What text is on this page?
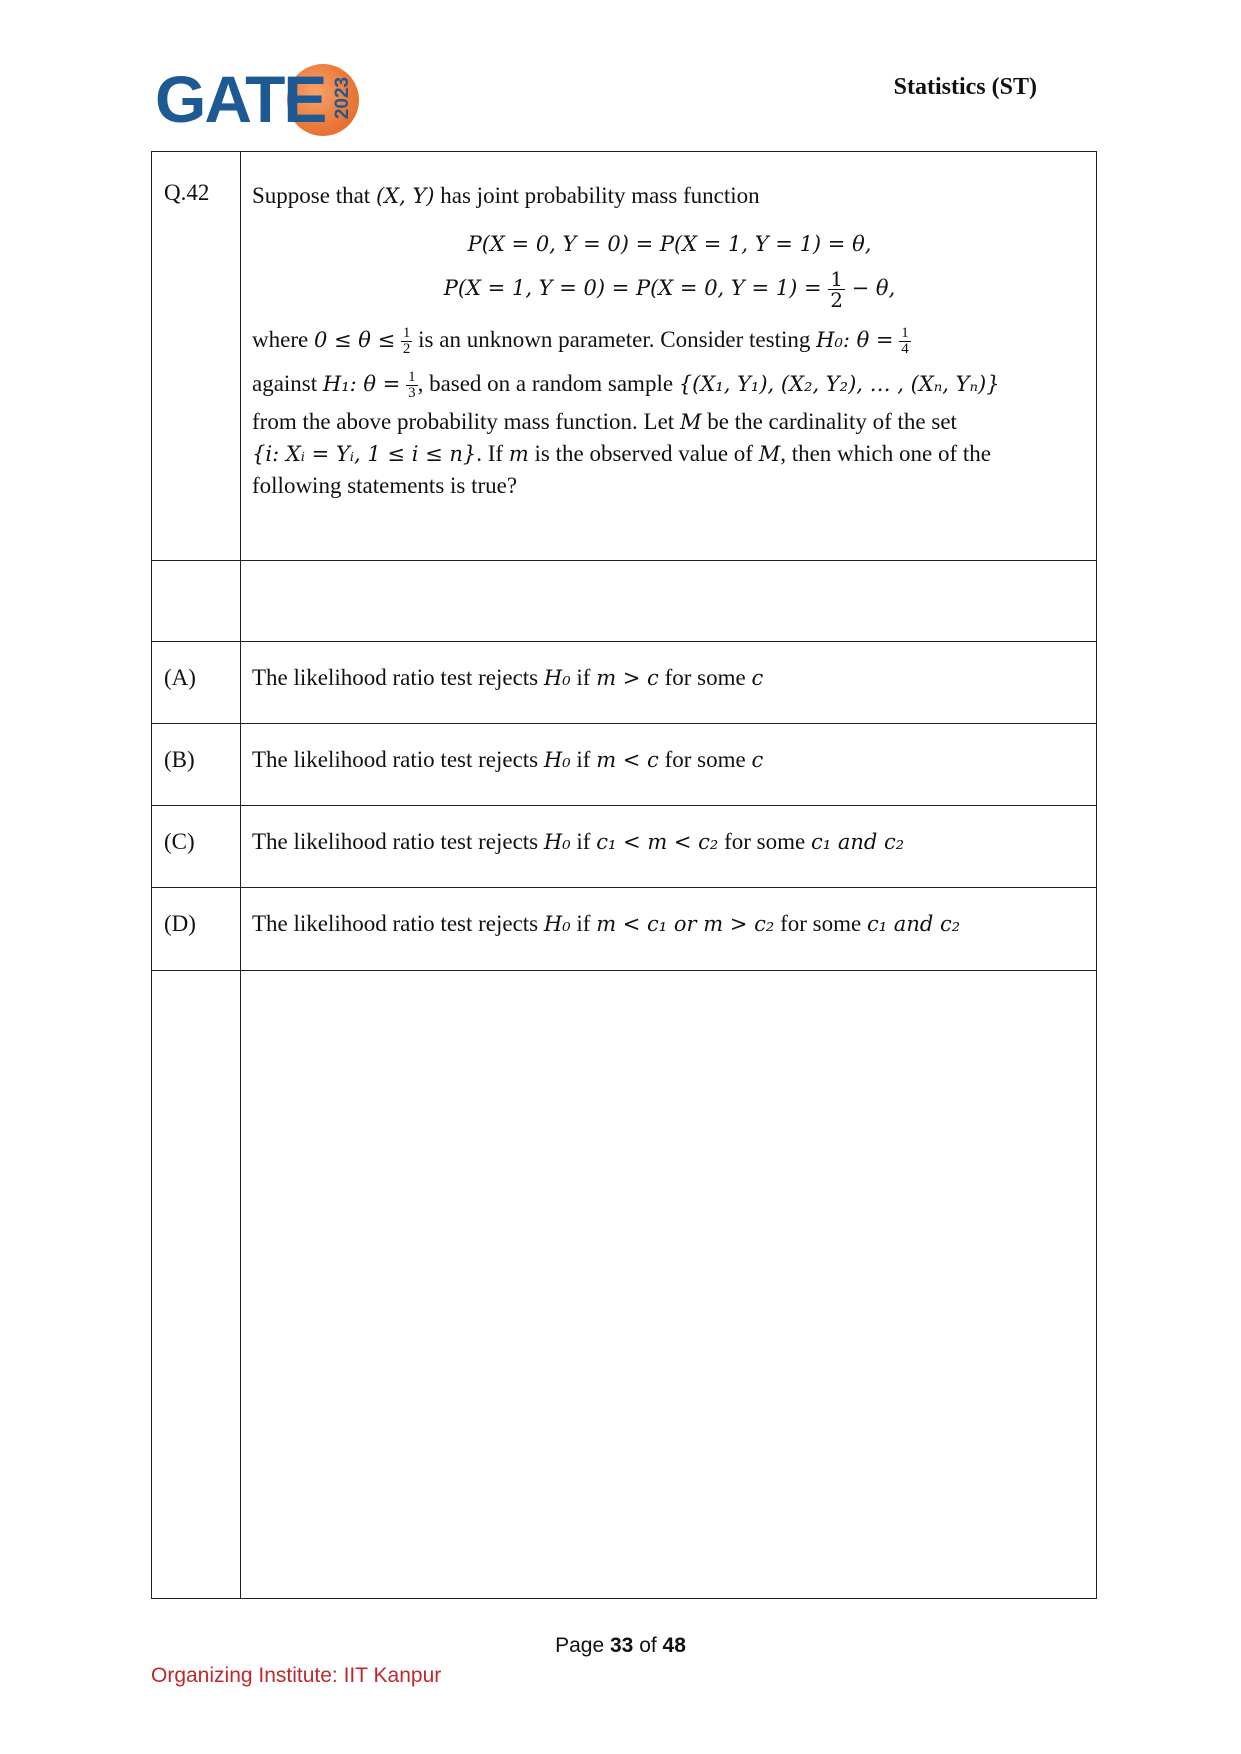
GATE 2023	Statistics (ST)
Q.42 Suppose that (X, Y) has joint probability mass function

P(X = 0, Y = 0) = P(X = 1, Y = 1) = θ,
P(X = 1, Y = 0) = P(X = 0, $Y = 1) = \frac{1}{2} - \theta$,

where $0 \le \theta \le \frac{1}{2}$ is an unknown parameter. Consider testing H₀: $\theta = \frac{1}{4}$

against H₁: $\theta = \frac{1}{3}$ , based on a random sample {(X₁, Y₁), (X₂, Y₂), … , (Xₙ, Yₙ)}

from the above probability mass function. Let M be the cardinality of the set

{i: Xᵢ = Yᵢ, 1 ≤ i ≤ n}. If m is the observed value of M, then which one of the

following statements is true?

(A) The likelihood ratio test rejects H₀ if m > c for some c
(B) The likelihood ratio test rejects H₀ if m < c for some c
(C) The likelihood ratio test rejects H₀ if c₁ < m < c₂ for some c₁ and c₂
(D) The likelihood ratio test rejects H₀ if m < c₁ or m > c₂ for some c₁ and c₂
Page 33 of 48
Organizing Institute: IIT Kanpur
